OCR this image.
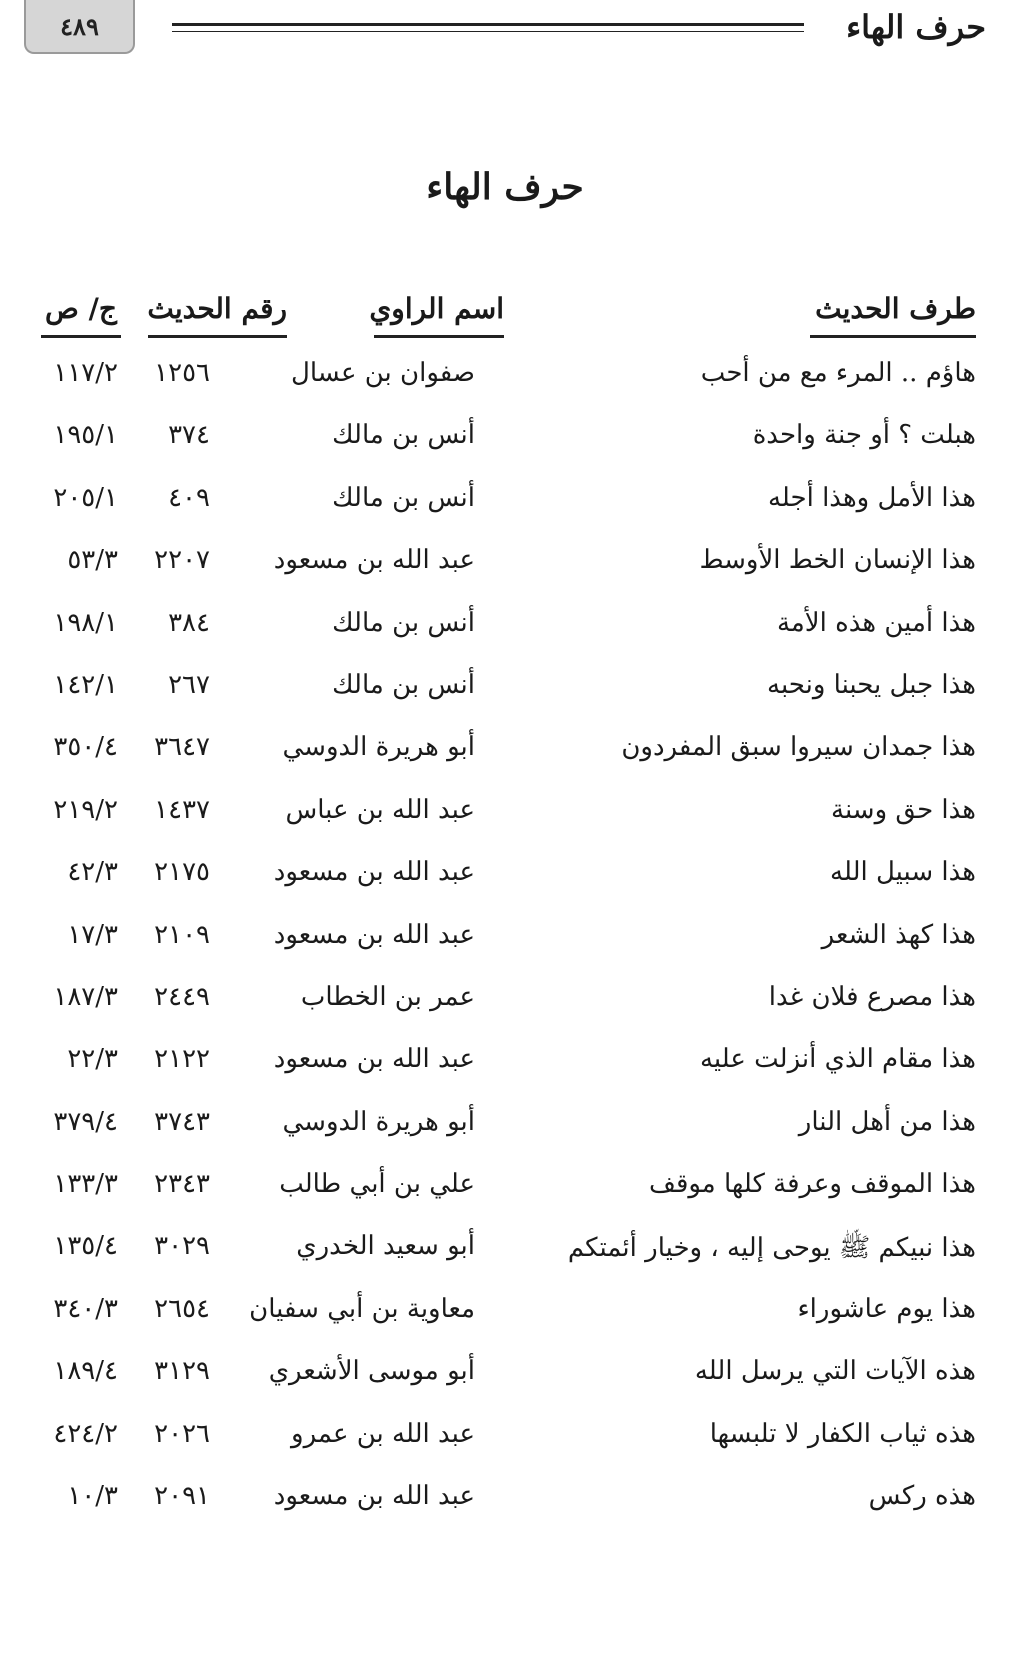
٤٨٩	حرف الهاء
حرف الهاء
طرف الحديث
اسم الراوي
رقم الحديث
ج/ ص
هاؤم .. المرء مع من أحب
صفوان بن عسال
١٢٥٦
١١٧/٢
هبلت ؟ أو جنة واحدة
أنس بن مالك
٣٧٤
١٩٥/١
هذا الأمل وهذا أجله
أنس بن مالك
٤٠٩
٢٠٥/١
هذا الإنسان الخط الأوسط
عبد الله بن مسعود
٢٢٠٧
٥٣/٣
هذا أمين هذه الأمة
أنس بن مالك
٣٨٤
١٩٨/١
هذا جبل يحبنا ونحبه
أنس بن مالك
٢٦٧
١٤٢/١
هذا جمدان سيروا سبق المفردون
أبو هريرة الدوسي
٣٦٤٧
٣٥٠/٤
هذا حق وسنة
عبد الله بن عباس
١٤٣٧
٢١٩/٢
هذا سبيل الله
عبد الله بن مسعود
٢١٧٥
٤٢/٣
هذا كهذ الشعر
عبد الله بن مسعود
٢١٠٩
١٧/٣
هذا مصرع فلان غدا
عمر بن الخطاب
٢٤٤٩
١٨٧/٣
هذا مقام الذي أنزلت عليه
عبد الله بن مسعود
٢١٢٢
٢٢/٣
هذا من أهل النار
أبو هريرة الدوسي
٣٧٤٣
٣٧٩/٤
هذا الموقف وعرفة كلها موقف
علي بن أبي طالب
٢٣٤٣
١٣٣/٣
هذا نبيكم ﷺ يوحى إليه ، وخيار أئمتكم
أبو سعيد الخدري
٣٠٢٩
١٣٥/٤
هذا يوم عاشوراء
معاوية بن أبي سفيان
٢٦٥٤
٣٤٠/٣
هذه الآيات التي يرسل الله
أبو موسى الأشعري
٣١٢٩
١٨٩/٤
هذه ثياب الكفار لا تلبسها
عبد الله بن عمرو
٢٠٢٦
٤٢٤/٢
هذه ركس
عبد الله بن مسعود
٢٠٩١
١٠/٣
